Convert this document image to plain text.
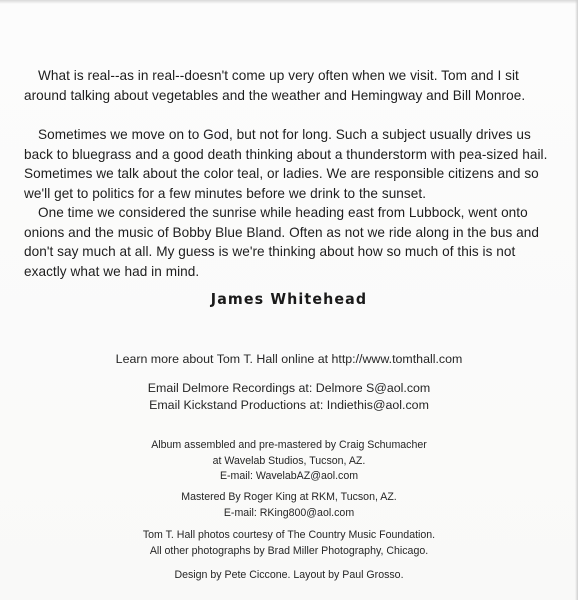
What is real--as in real--doesn't come up very often when we visit. Tom and I sit around talking about vegetables and the weather and Hemingway and Bill Monroe.

Sometimes we move on to God, but not for long. Such a subject usually drives us back to bluegrass and a good death thinking about a thunderstorm with pea-sized hail. Sometimes we talk about the color teal, or ladies. We are responsible citizens and so we'll get to politics for a few minutes before we drink to the sunset.

One time we considered the sunrise while heading east from Lubbock, went onto onions and the music of Bobby Blue Bland. Often as not we ride along in the bus and don't say much at all. My guess is we're thinking about how so much of this is not exactly what we had in mind.

James Whitehead
Learn more about Tom T. Hall online at http://www.tomthall.com
Email Delmore Recordings at: Delmore S@aol.com
Email Kickstand Productions at: Indiethis@aol.com
Album assembled and pre-mastered by Craig Schumacher
at Wavelab Studios, Tucson, AZ.
E-mail: WavelabAZ@aol.com
Mastered By Roger King at RKM, Tucson, AZ.
E-mail: RKing800@aol.com
Tom T. Hall photos courtesy of The Country Music Foundation.
All other photographs by Brad Miller Photography, Chicago.
Design by Pete Ciccone. Layout by Paul Grosso.
